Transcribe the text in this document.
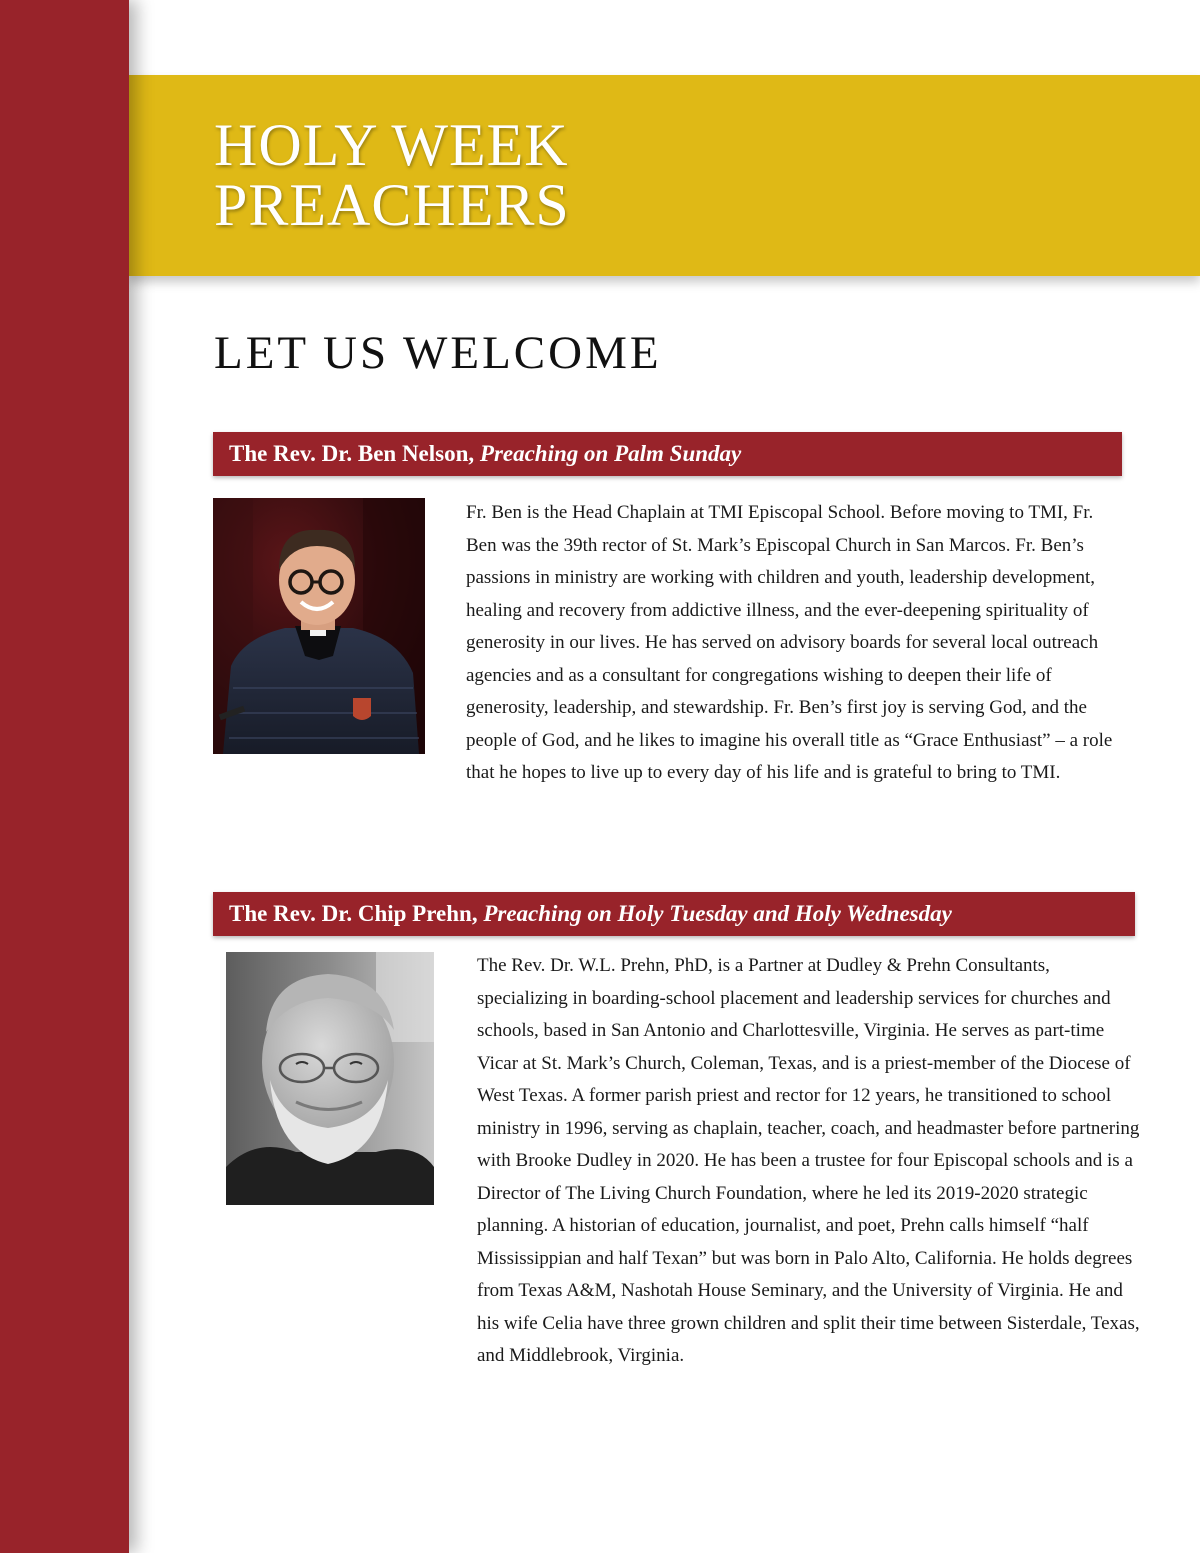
HOLY WEEK
PREACHERS
LET US WELCOME
The Rev. Dr. Ben Nelson, Preaching on Palm Sunday

Fr. Ben is the Head Chaplain at TMI Episcopal School. Before moving to TMI, Fr. Ben was the 39th rector of St. Mark’s Episcopal Church in San Marcos. Fr. Ben’s passions in ministry are working with children and youth, leadership development, healing and recovery from addictive illness, and the ever-deepening spirituality of generosity in our lives. He has served on advisory boards for several local outreach agencies and as a consultant for congregations wishing to deepen their life of generosity, leadership, and stewardship. Fr. Ben’s first joy is serving God, and the people of God, and he likes to imagine his overall title as “Grace Enthusiast” – a role that he hopes to live up to every day of his life and is grateful to bring to TMI.

The Rev. Dr. Chip Prehn, Preaching on Holy Tuesday and Holy Wednesday

The Rev. Dr. W.L. Prehn, PhD, is a Partner at Dudley & Prehn Consultants, specializing in boarding-school placement and leadership services for churches and schools, based in San Antonio and Charlottesville, Virginia. He serves as part-time Vicar at St. Mark’s Church, Coleman, Texas, and is a priest-member of the Diocese of West Texas. A former parish priest and rector for 12 years, he transitioned to school ministry in 1996, serving as chaplain, teacher, coach, and headmaster before partnering with Brooke Dudley in 2020. He has been a trustee for four Episcopal schools and is a Director of The Living Church Foundation, where he led its 2019-2020 strategic planning. A historian of education, journalist, and poet, Prehn calls himself “half Mississippian and half Texan” but was born in Palo Alto, California. He holds degrees from Texas A&M, Nashotah House Seminary, and the University of Virginia. He and his wife Celia have three grown children and split their time between Sisterdale, Texas, and Middlebrook, Virginia.
